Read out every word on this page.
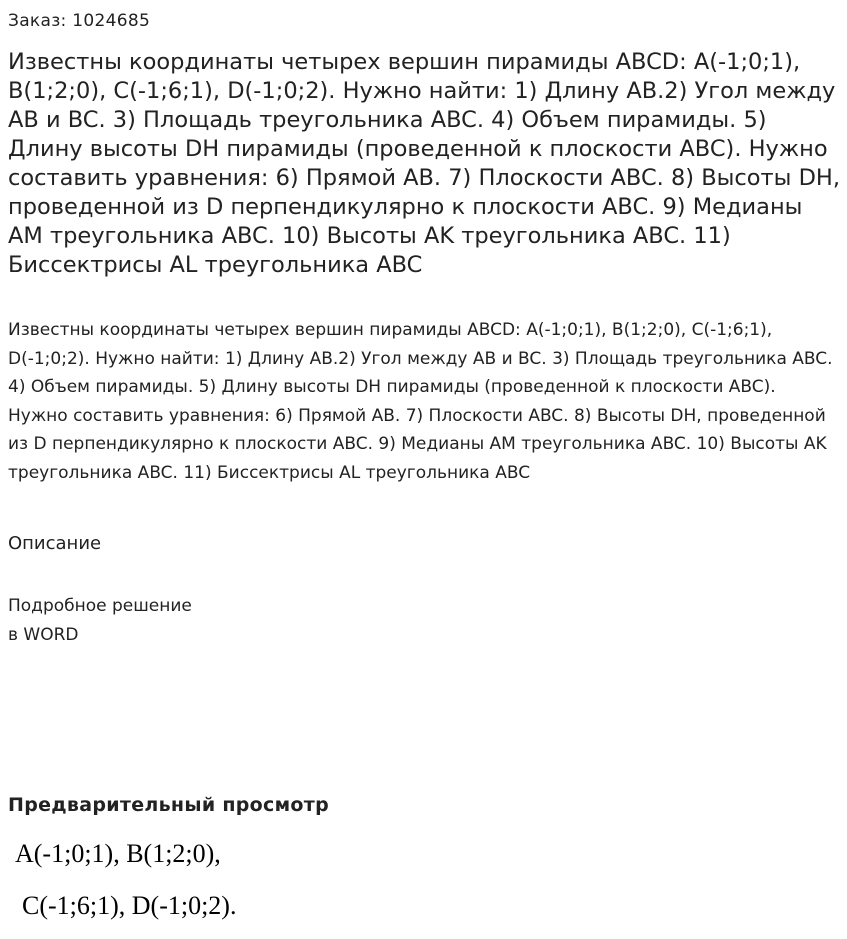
Заказ: 1024685
Известны координаты четырех вершин пирамиды ABCD: A(-1;0;1), B(1;2;0), C(-1;6;1), D(-1;0;2). Нужно найти: 1) Длину AB.2) Угол между AB и BC. 3) Площадь треугольника ABC. 4) Объем пирамиды. 5) Длину высоты DH пирамиды (проведенной к плоскости ABC). Нужно составить уравнения: 6) Прямой AB. 7) Плоскости ABC. 8) Высоты DH, проведенной из D перпендикулярно к плоскости ABC. 9) Медианы AM треугольника ABC. 10) Высоты AK треугольника ABC. 11) Биссектрисы AL треугольника ABC

Известны координаты четырех вершин пирамиды ABCD: A(-1;0;1), B(1;2;0), C(-1;6;1), D(-1;0;2). Нужно найти: 1) Длину AB.2) Угол между AB и BC. 3) Площадь треугольника ABC. 4) Объем пирамиды. 5) Длину высоты DH пирамиды (проведенной к плоскости ABC). Нужно составить уравнения: 6) Прямой AB. 7) Плоскости ABC. 8) Высоты DH, проведенной из D перпендикулярно к плоскости ABC. 9) Медианы AM треугольника ABC. 10) Высоты AK треугольника ABC. 11) Биссектрисы AL треугольника ABC

Описание
Подробное решение
в WORD
Предварительный просмотр
A(-1;0;1), B(1;2;0),
C(-1;6;1), D(-1;0;2).
